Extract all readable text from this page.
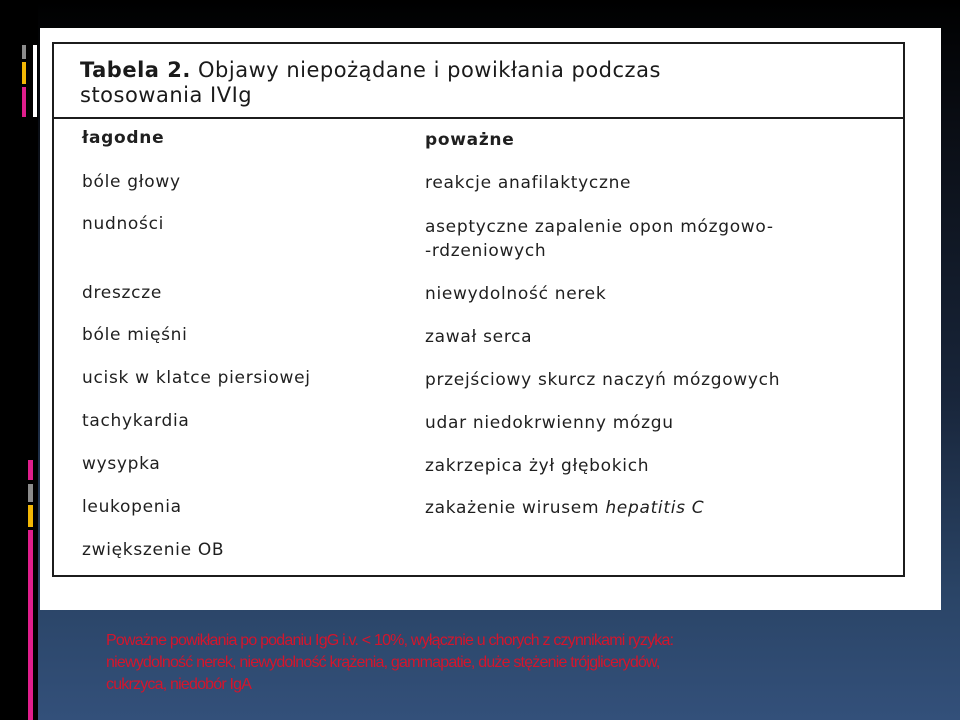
Tabela 2. Objawy niepożądane i powikłania podczas
stosowania IVIg
łagodne	poważne
bóle głowy
nudności
dreszcze
bóle mięśni
ucisk w klatce piersiowej
tachykardia
wysypka
leukopenia
zwiększenie OB
reakcje anafilaktyczne
aseptyczne zapalenie opon mózgowo-
-rdzeniowych
niewydolność nerek
zawał serca
przejściowy skurcz naczyń mózgowych
udar niedokrwienny mózgu
zakrzepica żył głębokich
zakażenie wirusem hepatitis C
Poważne powikłania po podaniu IgG i.v. < 10%, wyłącznie u chorych z czynnikami ryzyka:
niewydolność nerek, niewydolność krążenia, gammapatie, duże stężenie trójglicerydów,
cukrzyca, niedobór IgA
